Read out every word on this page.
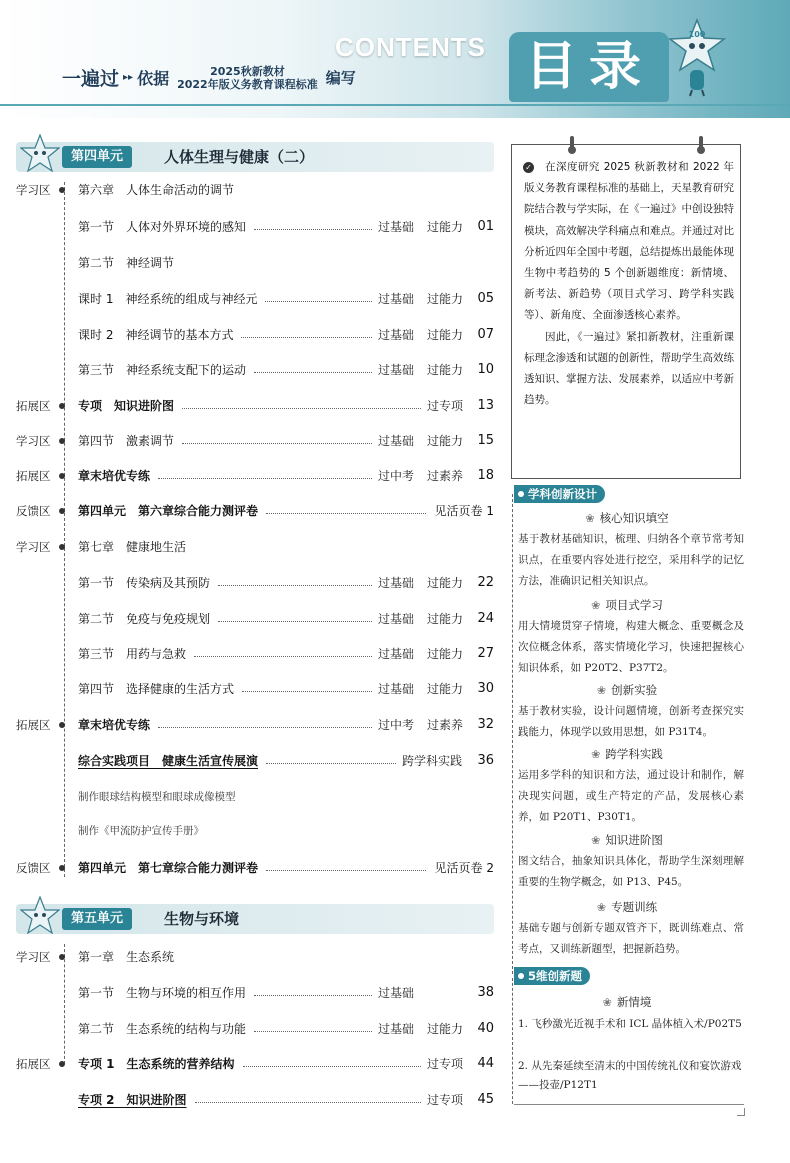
CONTENTS 目录
100
一遍过 ▸▸ 依据	2025秋新教材
2022年版义务教育课程标准 编写
第四单元	人体生理与健康（二）
学习区 第六章　人体生命活动的调节
第一节　人体对外界环境的感知	过基础 过能力	01
第二节　神经调节
课时 1　神经系统的组成与神经元	过基础 过能力	05
课时 2　神经调节的基本方式	过基础 过能力	07
第三节　神经系统支配下的运动	过基础 过能力	10
拓展区 专项　知识进阶图	过专项	13
学习区 第四节　激素调节	过基础 过能力	15
拓展区 章末培优专练	过中考 过素养	18
反馈区 第四单元　第六章综合能力测评卷	见活页卷 1
学习区 第七章　健康地生活
第一节　传染病及其预防	过基础 过能力	22
第二节　免疫与免疫规划	过基础 过能力	24
第三节　用药与急救	过基础 过能力	27
第四节　选择健康的生活方式	过基础 过能力	30
拓展区 章末培优专练	过中考 过素养	32
综合实践项目　健康生活宣传展演	跨学科实践	36
制作眼球结构模型和眼球成像模型
制作《甲流防护宣传手册》
反馈区 第四单元　第七章综合能力测评卷	见活页卷 2
第五单元	生物与环境
学习区 第一章　生态系统
第一节　生物与环境的相互作用	过基础	38
第二节　生态系统的结构与功能	过基础 过能力	40
拓展区 专项 1　生态系统的营养结构	过专项	44
专项 2　知识进阶图	过专项	45
✓	在深度研究 2025 秋新教材和 2022 年版义务教育课程标准的基础上，天星教育研究院结合教与学实际，在《一遍过》中创设独特模块，高效解决学科痛点和难点。并通过对比分析近四年全国中考题，总结提炼出最能体现生物中考趋势的 5 个创新题维度：新情境、新考法、新趋势（项目式学习、跨学科实践等）、新角度、全面渗透核心素养。

因此，《一遍过》紧扣新教材，注重新课标理念渗透和试题的创新性，帮助学生高效练透知识、掌握方法、发展素养，以适应中考新趋势。

学科创新设计
❀ 核心知识填空
基于教材基础知识，梳理、归纳各个章节常考知识点，在重要内容处进行挖空，采用科学的记忆方法，准确识记相关知识点。
❀ 项目式学习
用大情境贯穿子情境，构建大概念、重要概念及次位概念体系，落实情境化学习，快速把握核心知识体系，如 P20T2、P37T2。
❀ 创新实验
基于教材实验，设计问题情境，创新考查探究实践能力，体现学以致用思想，如 P31T4。
❀ 跨学科实践
运用多学科的知识和方法，通过设计和制作，解决现实问题，或生产特定的产品，发展核心素养，如 P20T1、P30T1。
❀ 知识进阶图
图文结合，抽象知识具体化，帮助学生深刻理解重要的生物学概念，如 P13、P45。
❀ 专题训练
基础专题与创新专题双管齐下，既训练难点、常考点，又训练新题型，把握新趋势。
5维创新题
❀ 新情境
1. 飞秒激光近视手术和 ICL 晶体植入术/P02T5
2. 从先秦延续至清末的中国传统礼仪和宴饮游戏——投壶/P12T1
